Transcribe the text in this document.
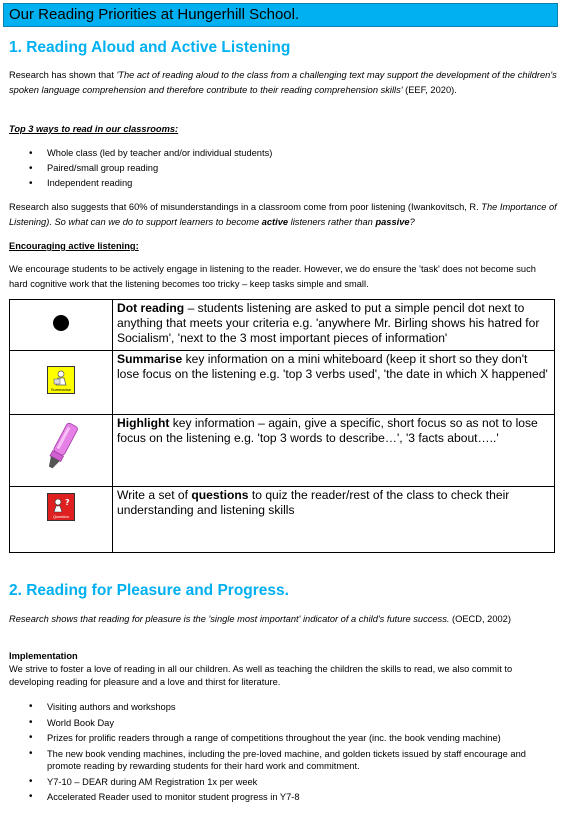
Our Reading Priorities at Hungerhill School.
1. Reading Aloud and Active Listening
Research has shown that 'The act of reading aloud to the class from a challenging text may support the development of the children's spoken language comprehension and therefore contribute to their reading comprehension skills' (EEF, 2020).
Top 3 ways to read in our classrooms:
• Whole class (led by teacher and/or individual students)
• Paired/small group reading
• Independent reading
Research also suggests that 60% of misunderstandings in a classroom come from poor listening (Iwankovitsch, R. The Importance of Listening). So what can we do to support learners to become active listeners rather than passive?
Encouraging active listening:
We encourage students to be actively engage in listening to the reader. However, we do ensure the 'task' does not become such hard cognitive work that the listening becomes too tricky – keep tasks simple and small.
	Dot reading – students listening are asked to put a simple pencil dot next to anything that meets your criteria e.g. 'anywhere Mr. Birling shows his hatred for Socialism', 'next to the 3 most important pieces of information'

Summarise	Summarise key information on a mini whiteboard (keep it short so they don't lose focus on the listening e.g. 'top 3 verbs used', 'the date in which X happened'
	Highlight key information – again, give a specific, short focus so as not to lose focus on the listening e.g. 'top 3 words to describe…', '3 facts about…..'

?
Question	Write a set of questions to quiz the reader/rest of the class to check their understanding and listening skills
2. Reading for Pleasure and Progress.
Research shows that reading for pleasure is the 'single most important' indicator of a child's future success. (OECD, 2002)
Implementation
We strive to foster a love of reading in all our children. As well as teaching the children the skills to read, we also commit to developing reading for pleasure and a love and thirst for literature.
• Visiting authors and workshops
• World Book Day
• Prizes for prolific readers through a range of competitions throughout the year (inc. the book vending machine)
• The new book vending machines, including the pre-loved machine, and golden tickets issued by staff encourage and promote reading by rewarding students for their hard work and commitment.
• Y7-10 – DEAR during AM Registration 1x per week
• Accelerated Reader used to monitor student progress in Y7-8
